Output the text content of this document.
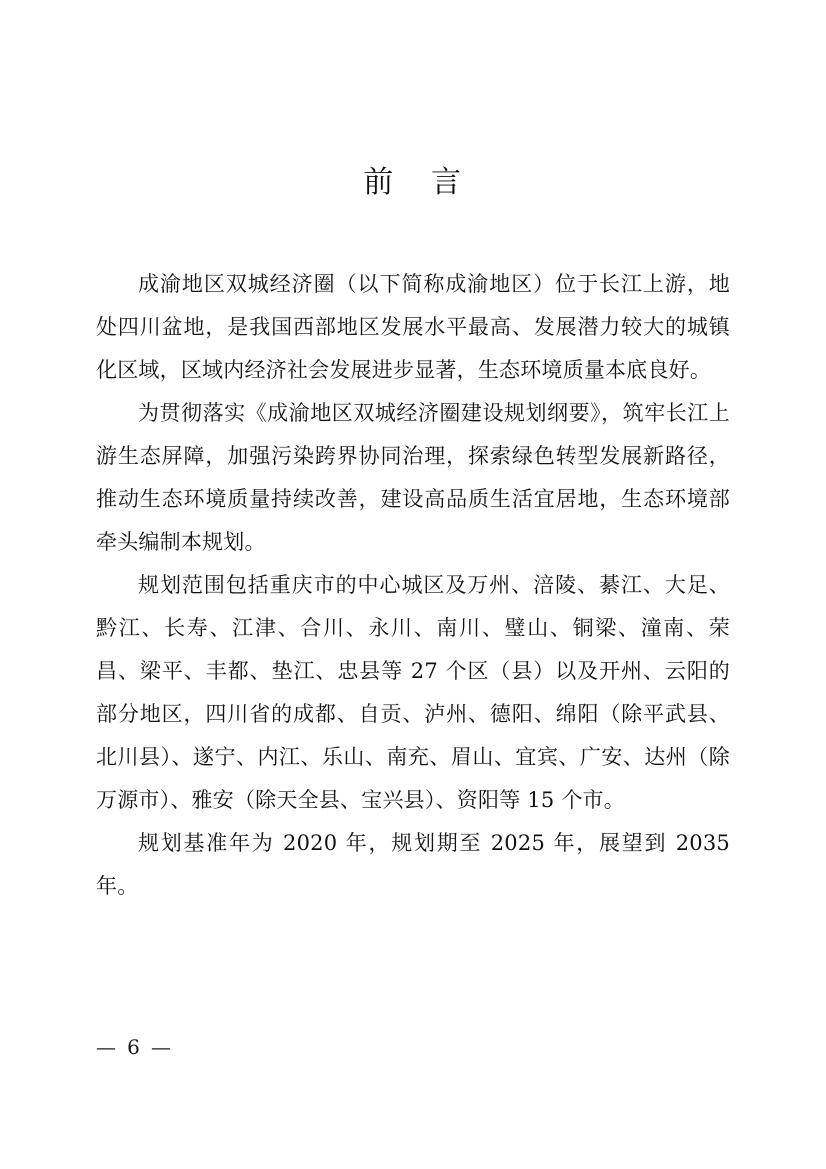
前 言

成渝地区双城经济圈（以下简称成渝地区）位于长江上游，地处四川盆地，是我国西部地区发展水平最高、发展潜力较大的城镇化区域，区域内经济社会发展进步显著，生态环境质量本底良好。

为贯彻落实《成渝地区双城经济圈建设规划纲要》，筑牢长江上游生态屏障，加强污染跨界协同治理，探索绿色转型发展新路径，推动生态环境质量持续改善，建设高品质生活宜居地，生态环境部牵头编制本规划。

规划范围包括重庆市的中心城区及万州、涪陵、綦江、大足、黔江、长寿、江津、合川、永川、南川、璧山、铜梁、潼南、荣昌、梁平、丰都、垫江、忠县等 27 个区（县）以及开州、云阳的部分地区，四川省的成都、自贡、泸州、德阳、绵阳（除平武县、北川县）、遂宁、内江、乐山、南充、眉山、宜宾、广安、达州（除万源市）、雅安（除天全县、宝兴县）、资阳等 15 个市。

规划基准年为 2020 年，规划期至 2025 年，展望到 2035 年。

— 6 —
